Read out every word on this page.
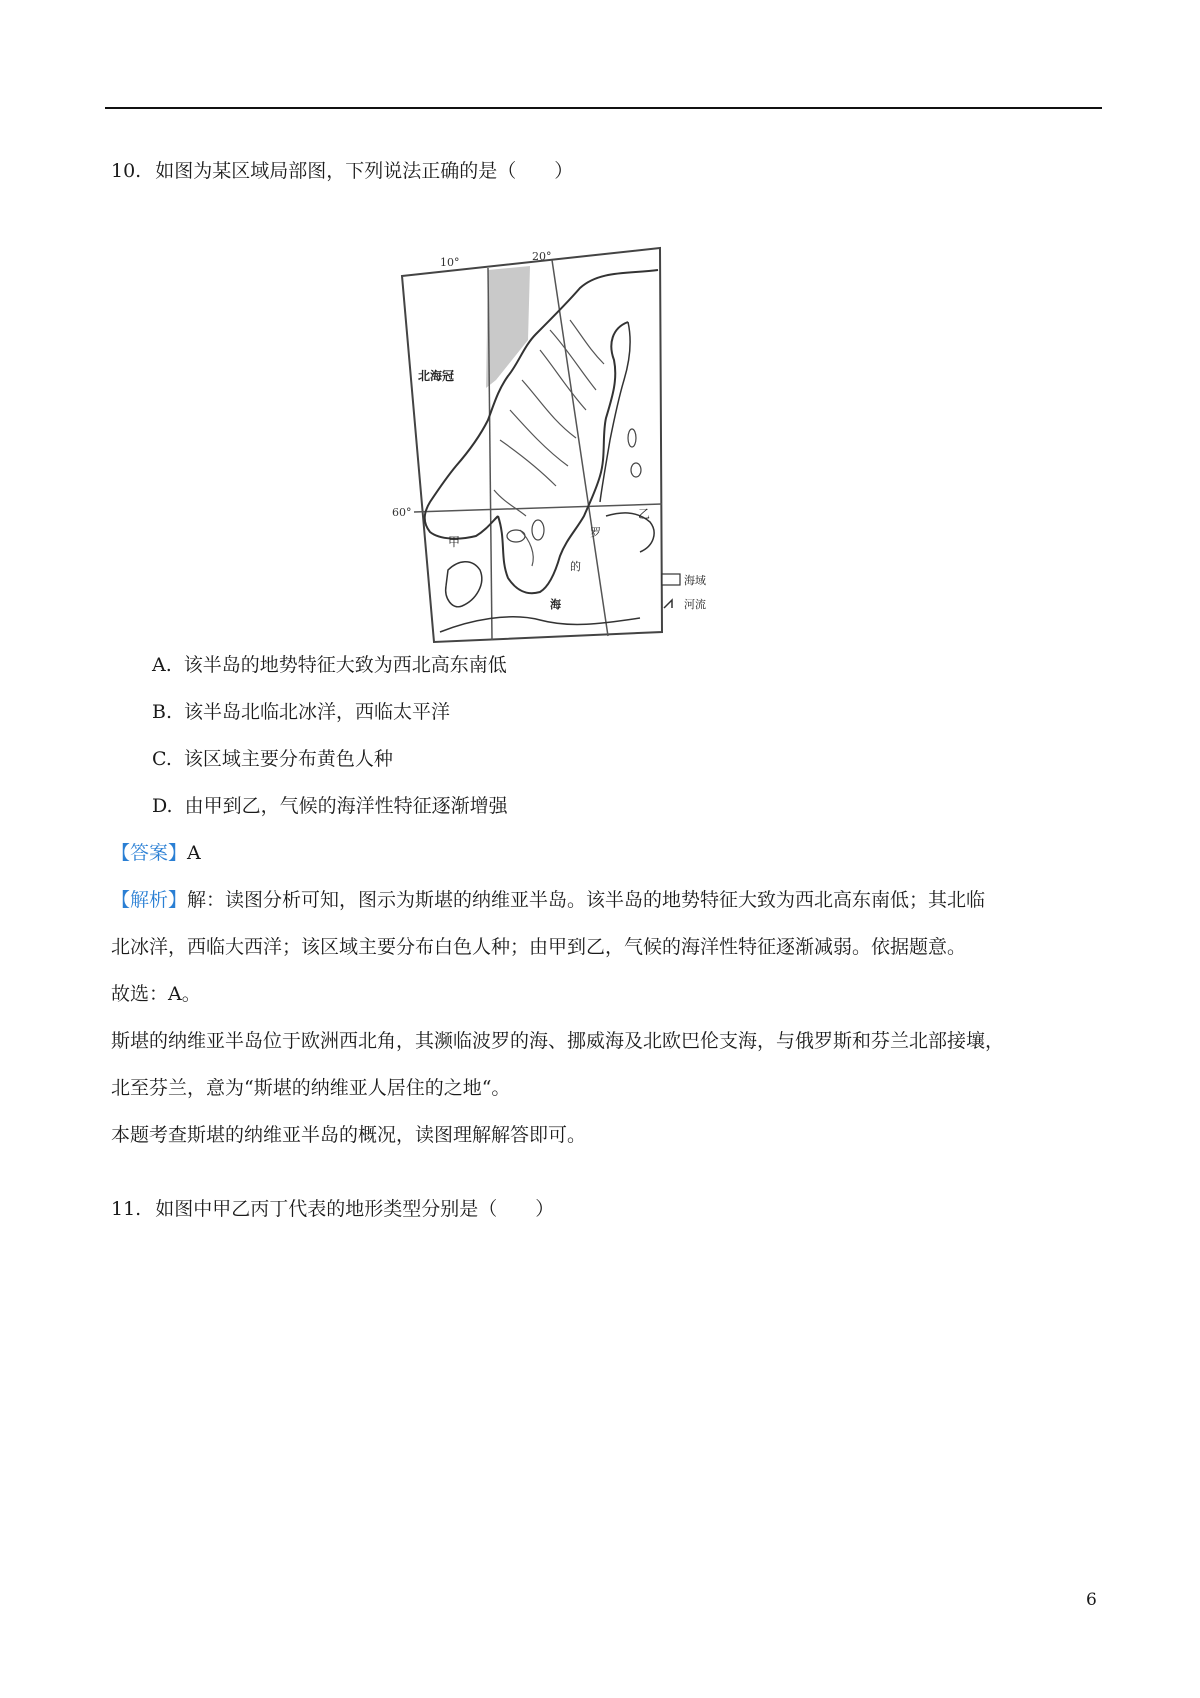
10. 如图为某区域局部图，下列说法正确的是（　　）
10°	20°
60°
北海冠
甲
乙
罗
的
海
海域
河流
A. 该半岛的地势特征大致为西北高东南低
B. 该半岛北临北冰洋，西临太平洋
C. 该区域主要分布黄色人种
D. 由甲到乙，气候的海洋性特征逐渐增强
【答案】A
【解析】解：读图分析可知，图示为斯堪的纳维亚半岛。该半岛的地势特征大致为西北高东南低；其北临
北冰洋，西临大西洋；该区域主要分布白色人种；由甲到乙，气候的海洋性特征逐渐减弱。依据题意。
故选：A。
斯堪的纳维亚半岛位于欧洲西北角，其濒临波罗的海、挪威海及北欧巴伦支海，与俄罗斯和芬兰北部接壤，
北至芬兰，意为“斯堪的纳维亚人居住的之地“。
本题考查斯堪的纳维亚半岛的概况，读图理解解答即可。
11. 如图中甲乙丙丁代表的地形类型分别是（　　）
6
